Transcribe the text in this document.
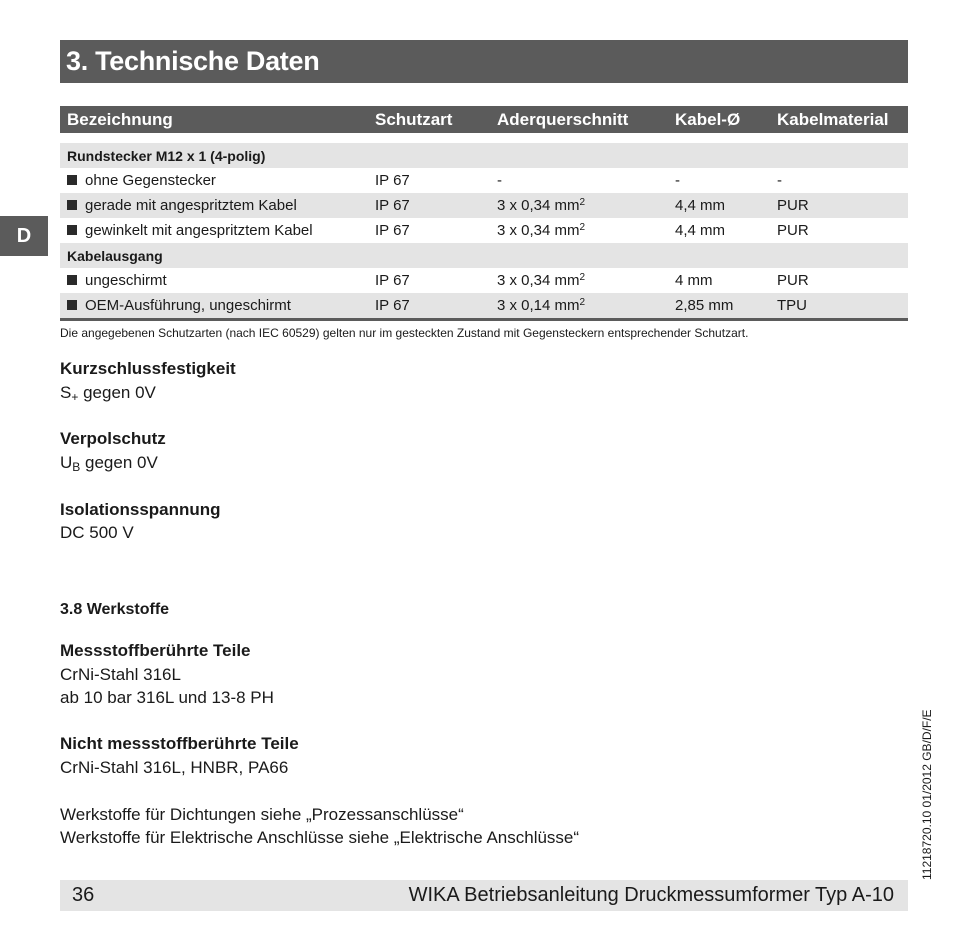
3. Technische Daten
D
Bezeichnung	Schutzart	Aderquerschnitt	Kabel-Ø	Kabelmaterial

Rundstecker M12 x 1 (4-polig)				
ohne Gegenstecker	IP 67	-	-	-
gerade mit angespritztem Kabel	IP 67	3 x 0,34 $mm^2$	4,4 mm	PUR
gewinkelt mit angespritztem Kabel	IP 67	3 x 0,34 $mm^2$	4,4 mm	PUR
Kabelausgang				
ungeschirmt	IP 67	3 x 0,34 $mm^2$	4 mm	PUR
OEM-Ausführung, ungeschirmt	IP 67	3 x 0,14 $mm^2$	2,85 mm	TPU
Die angegebenen Schutzarten (nach IEC 60529) gelten nur im gesteckten Zustand mit Gegensteckern entsprechender Schutzart.
Kurzschlussfestigkeit
S+ gegen 0V
Verpolschutz
UB gegen 0V
Isolationsspannung
DC 500 V
3.8 Werkstoffe
Messstoffberührte Teile
CrNi-Stahl 316L
ab 10 bar 316L und 13-8 PH
Nicht messstoffberührte Teile
CrNi-Stahl 316L, HNBR, PA66
Werkstoffe für Dichtungen siehe „Prozessanschlüsse“
Werkstoffe für Elektrische Anschlüsse siehe „Elektrische Anschlüsse“
36	WIKA Betriebsanleitung Druckmessumformer Typ A-10
11218720.10 01/2012 GB/D/F/E
